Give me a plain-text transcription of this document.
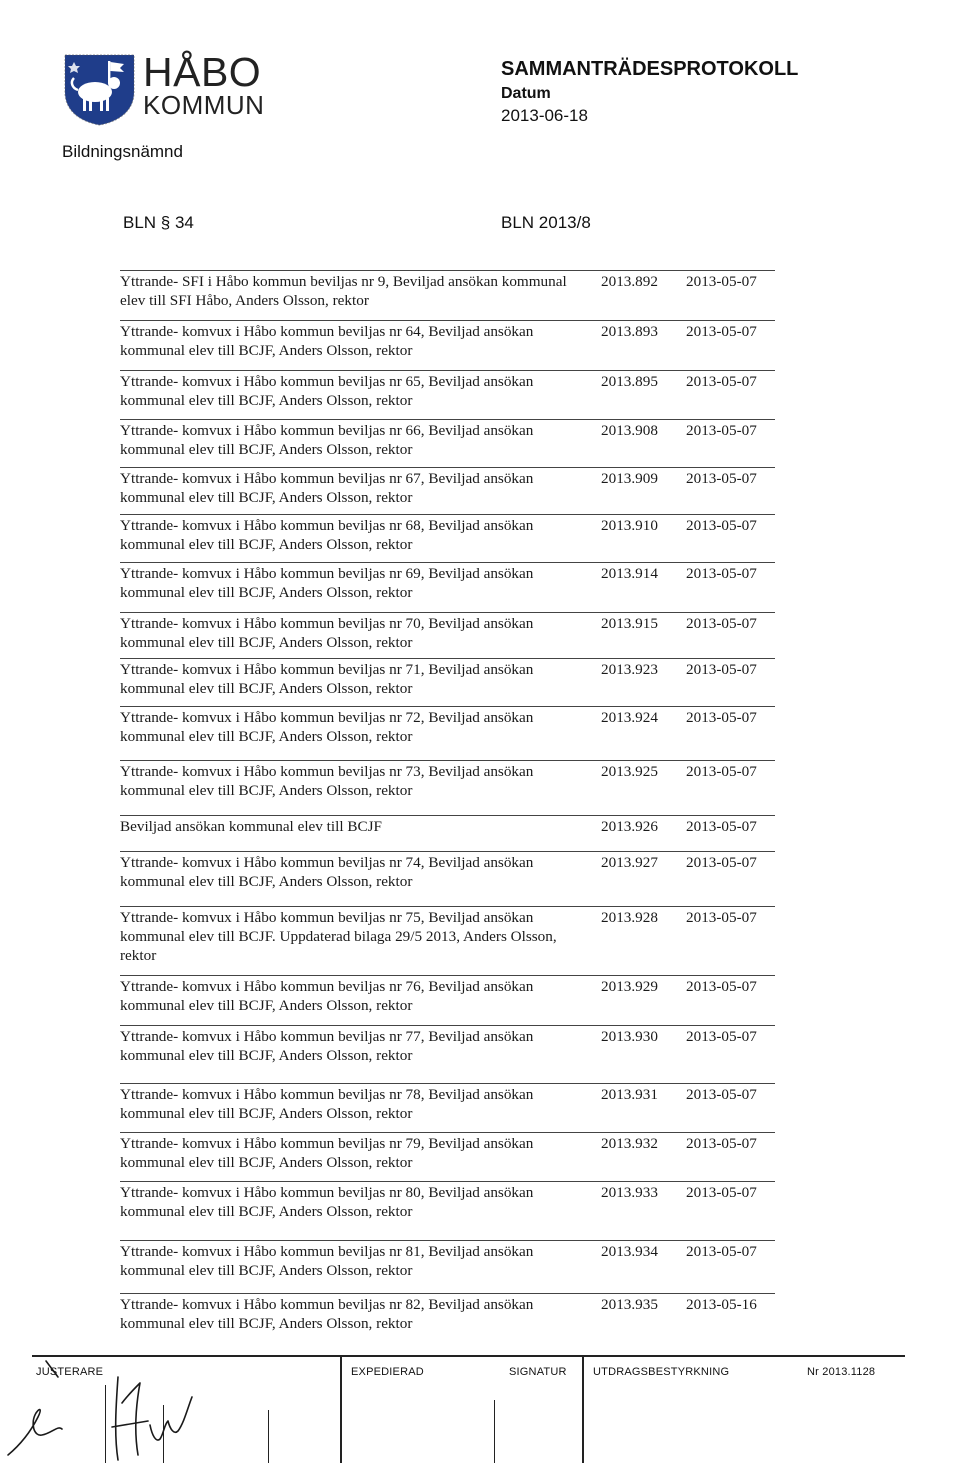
HÅBO
KOMMUN
SAMMANTRÄDESPROTOKOLL
Datum
2013-06-18
Bildningsnämnd
BLN § 34	BLN 2013/8
Yttrande- SFI i Håbo kommun beviljas nr 9, Beviljad ansökan kommunal elev till SFI Håbo, Anders Olsson, rektor
2013.892 2013-05-07
Yttrande- komvux i Håbo kommun beviljas nr 64, Beviljad ansökan kommunal elev till BCJF, Anders Olsson, rektor
2013.893 2013-05-07
Yttrande- komvux i Håbo kommun beviljas nr 65, Beviljad ansökan kommunal elev till BCJF, Anders Olsson, rektor
2013.895 2013-05-07
Yttrande- komvux i Håbo kommun beviljas nr 66, Beviljad ansökan kommunal elev till BCJF, Anders Olsson, rektor
2013.908 2013-05-07
Yttrande- komvux i Håbo kommun beviljas nr 67, Beviljad ansökan kommunal elev till BCJF, Anders Olsson, rektor
2013.909 2013-05-07
Yttrande- komvux i Håbo kommun beviljas nr 68, Beviljad ansökan kommunal elev till BCJF, Anders Olsson, rektor
2013.910 2013-05-07
Yttrande- komvux i Håbo kommun beviljas nr 69, Beviljad ansökan kommunal elev till BCJF, Anders Olsson, rektor
2013.914 2013-05-07
Yttrande- komvux i Håbo kommun beviljas nr 70, Beviljad ansökan kommunal elev till BCJF, Anders Olsson, rektor
2013.915 2013-05-07
Yttrande- komvux i Håbo kommun beviljas nr 71, Beviljad ansökan kommunal elev till BCJF, Anders Olsson, rektor
2013.923 2013-05-07
Yttrande- komvux i Håbo kommun beviljas nr 72, Beviljad ansökan kommunal elev till BCJF, Anders Olsson, rektor
2013.924 2013-05-07
Yttrande- komvux i Håbo kommun beviljas nr 73, Beviljad ansökan kommunal elev till BCJF, Anders Olsson, rektor
2013.925 2013-05-07
Beviljad ansökan kommunal elev till BCJF	2013.926 2013-05-07
Yttrande- komvux i Håbo kommun beviljas nr 74, Beviljad ansökan kommunal elev till BCJF, Anders Olsson, rektor
2013.927 2013-05-07
Yttrande- komvux i Håbo kommun beviljas nr 75, Beviljad ansökan kommunal elev till BCJF. Uppdaterad bilaga 29/5 2013, Anders Olsson, rektor
2013.928 2013-05-07
Yttrande- komvux i Håbo kommun beviljas nr 76, Beviljad ansökan kommunal elev till BCJF, Anders Olsson, rektor
2013.929 2013-05-07
Yttrande- komvux i Håbo kommun beviljas nr 77, Beviljad ansökan kommunal elev till BCJF, Anders Olsson, rektor
2013.930 2013-05-07
Yttrande- komvux i Håbo kommun beviljas nr 78, Beviljad ansökan kommunal elev till BCJF, Anders Olsson, rektor
2013.931 2013-05-07
Yttrande- komvux i Håbo kommun beviljas nr 79, Beviljad ansökan kommunal elev till BCJF, Anders Olsson, rektor
2013.932 2013-05-07
Yttrande- komvux i Håbo kommun beviljas nr 80, Beviljad ansökan kommunal elev till BCJF, Anders Olsson, rektor
2013.933 2013-05-07
Yttrande- komvux i Håbo kommun beviljas nr 81, Beviljad ansökan kommunal elev till BCJF, Anders Olsson, rektor
2013.934 2013-05-07
Yttrande- komvux i Håbo kommun beviljas nr 82, Beviljad ansökan kommunal elev till BCJF, Anders Olsson, rektor
2013.935 2013-05-16
JUSTERARE	EXPEDIERAD	SIGNATUR UTDRAGSBESTYRKNING	Nr 2013.1128
